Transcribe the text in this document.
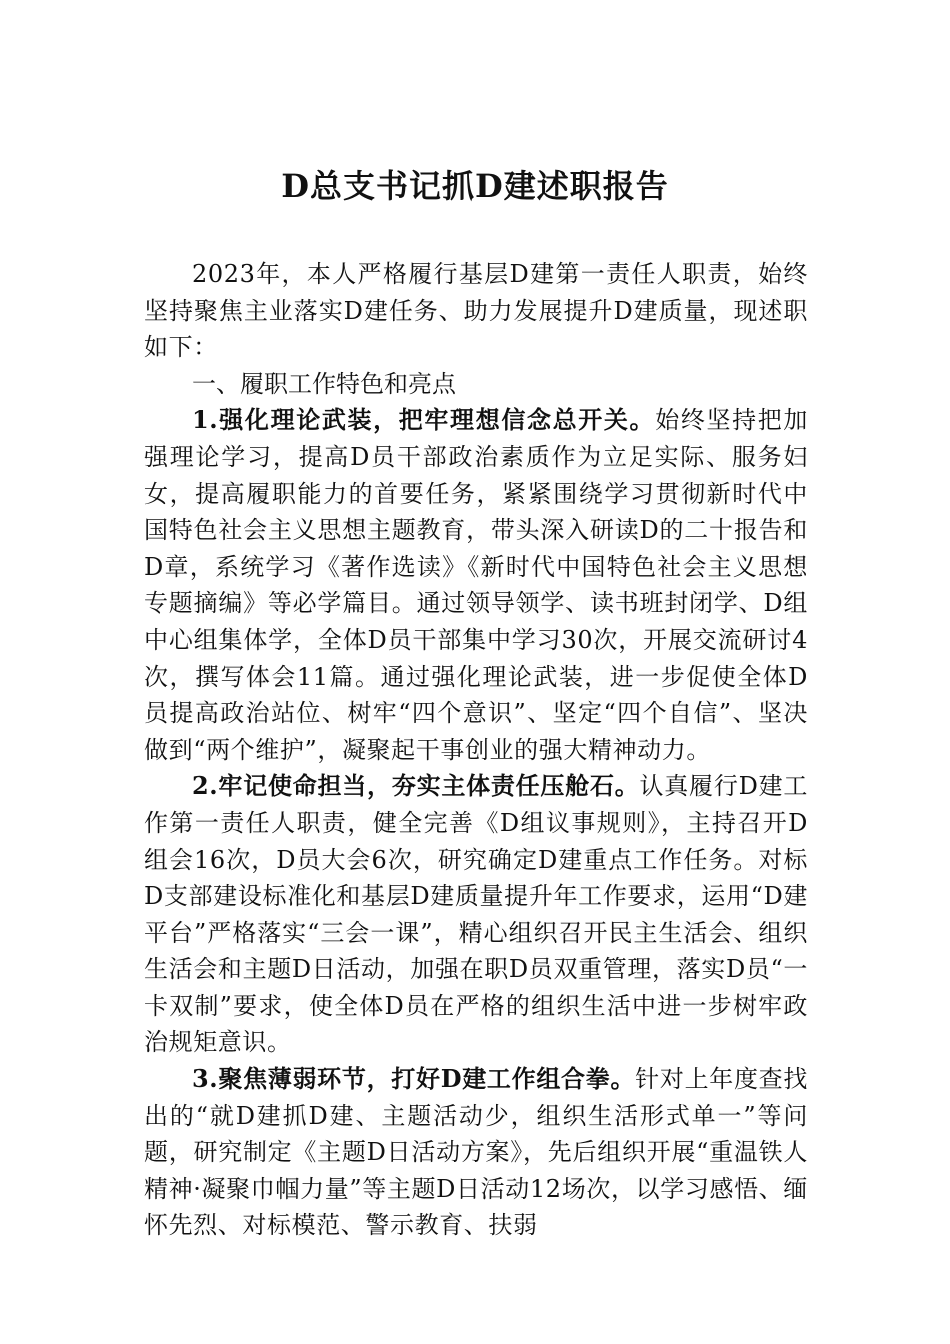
D总支书记抓D建述职报告

2023年，本人严格履行基层D建第一责任人职责，始终坚持聚焦主业落实D建任务、助力发展提升D建质量，现述职如下：

一、履职工作特色和亮点

1.强化理论武装，把牢理想信念总开关。始终坚持把加强理论学习，提高D员干部政治素质作为立足实际、服务妇女，提高履职能力的首要任务，紧紧围绕学习贯彻新时代中国特色社会主义思想主题教育，带头深入研读D的二十报告和D章，系统学习《著作选读》《新时代中国特色社会主义思想专题摘编》等必学篇目。通过领导领学、读书班封闭学、D组中心组集体学，全体D员干部集中学习30次，开展交流研讨4次，撰写体会11篇。通过强化理论武装，进一步促使全体D员提高政治站位、树牢“四个意识”、坚定“四个自信”、坚决做到“两个维护”，凝聚起干事创业的强大精神动力。

2.牢记使命担当，夯实主体责任压舱石。认真履行D建工作第一责任人职责，健全完善《D组议事规则》，主持召开D组会16次，D员大会6次，研究确定D建重点工作任务。对标D支部建设标准化和基层D建质量提升年工作要求，运用“D建平台”严格落实“三会一课”，精心组织召开民主生活会、组织生活会和主题D日活动，加强在职D员双重管理，落实D员“一卡双制”要求，使全体D员在严格的组织生活中进一步树牢政治规矩意识。

3.聚焦薄弱环节，打好D建工作组合拳。针对上年度查找出的“就D建抓D建、主题活动少，组织生活形式单一”等问题，研究制定《主题D日活动方案》，先后组织开展“重温铁人精神·凝聚巾帼力量”等主题D日活动12场次，以学习感悟、缅怀先烈、对标模范、警示教育、扶弱
